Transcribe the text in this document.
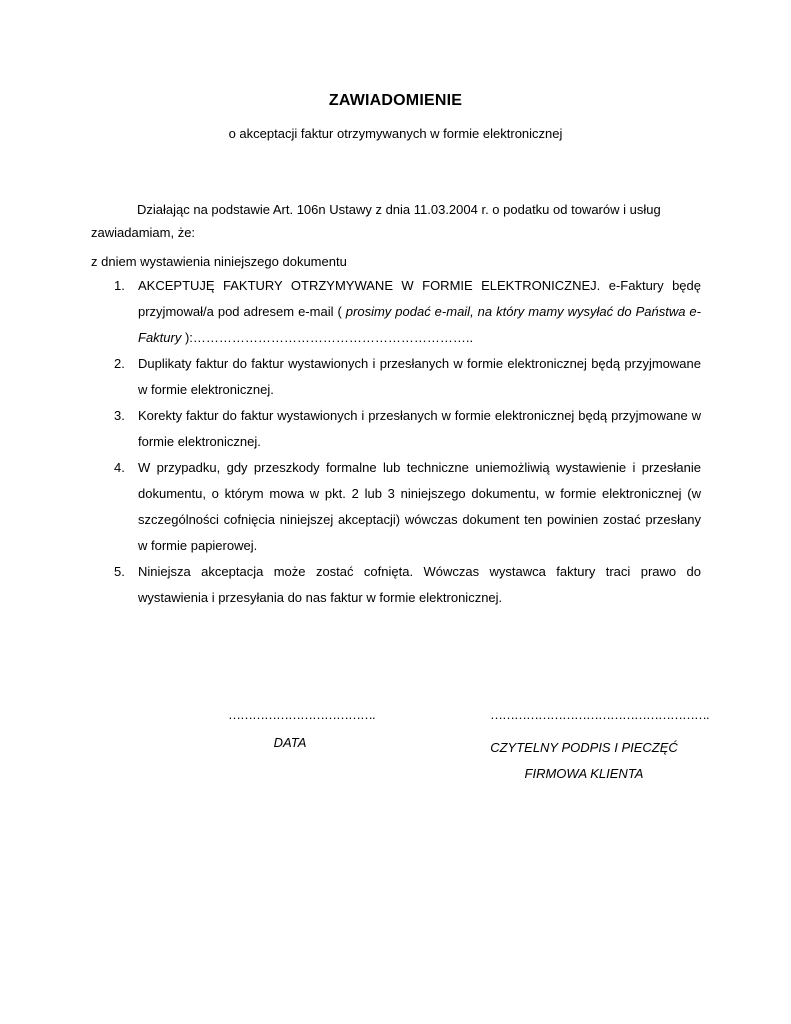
ZAWIADOMIENIE
o akceptacji faktur otrzymywanych w formie elektronicznej
Działając na podstawie Art. 106n Ustawy z dnia 11.03.2004 r. o podatku od towarów i usług zawiadamiam, że:
z dniem wystawienia niniejszego dokumentu
1. AKCEPTUJĘ FAKTURY OTRZYMYWANE W FORMIE ELEKTRONICZNEJ. e-Faktury będę przyjmował/a pod adresem e-mail ( prosimy podać e-mail, na który mamy wysyłać do Państwa e-Faktury ):………………………………………………………..
2. Duplikaty faktur do faktur wystawionych i przesłanych w formie elektronicznej będą przyjmowane w formie elektronicznej.
3. Korekty faktur do faktur wystawionych i przesłanych w formie elektronicznej będą przyjmowane w formie elektronicznej.
4. W przypadku, gdy przeszkody formalne lub techniczne uniemożliwią wystawienie i przesłanie dokumentu, o którym mowa w pkt. 2 lub 3 niniejszego dokumentu, w formie elektronicznej (w szczególności cofnięcia niniejszej akceptacji) wówczas dokument ten powinien zostać przesłany w formie papierowej.
5. Niniejsza akceptacja może zostać cofnięta. Wówczas wystawca faktury traci prawo do wystawienia i przesyłania do nas faktur w formie elektronicznej.
……………………………….	……………………………………………….
DATA	CZYTELNY PODPIS I PIECZĘĆ
FIRMOWA KLIENTA
